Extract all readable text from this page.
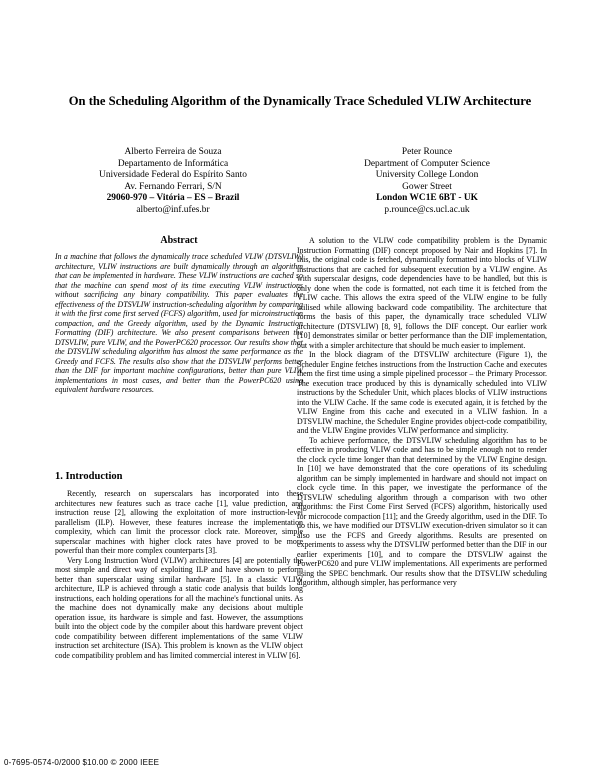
On the Scheduling Algorithm of the Dynamically Trace Scheduled VLIW Architecture
Alberto Ferreira de Souza
Departamento de Informática
Universidade Federal do Espírito Santo
Av. Fernando Ferrari, S/N
29060-970 – Vitória – ES – Brazil
alberto@inf.ufes.br
Peter Rounce
Department of Computer Science
University College London
Gower Street
London WC1E 6BT - UK
p.rounce@cs.ucl.ac.uk
Abstract
In a machine that follows the dynamically trace scheduled VLIW (DTSVLIW) architecture, VLIW instructions are built dynamically through an algorithm that can be implemented in hardware. These VLIW instructions are cached so that the machine can spend most of its time executing VLIW instructions without sacrificing any binary compatibility. This paper evaluates the effectiveness of the DTSVLIW instruction-scheduling algorithm by comparing it with the first come first served (FCFS) algorithm, used for microinstruction compaction, and the Greedy algorithm, used by the Dynamic Instruction Formatting (DIF) architecture. We also present comparisons between the DTSVLIW, pure VLIW, and the PowerPC620 processor. Our results show that the DTSVLIW scheduling algorithm has almost the same performance as the Greedy and FCFS. The results also show that the DTSVLIW performs better than the DIF for important machine configurations, better than pure VLIW implementations in most cases, and better than the PowerPC620 using equivalent hardware resources.
1. Introduction

Recently, research on superscalars has incorporated into these architectures new features such as trace cache [1], value prediction, and instruction reuse [2], allowing the exploitation of more instruction-level parallelism (ILP). However, these features increase the implementation complexity, which can limit the processor clock rate. Moreover, simple superscalar machines with higher clock rates have proved to be more powerful than their more complex counterparts [3].

Very Long Instruction Word (VLIW) architectures [4] are potentially the most simple and direct way of exploiting ILP and have shown to perform better than superscalar using similar hardware [5]. In a classic VLIW architecture, ILP is achieved through a static code analysis that builds long instructions, each holding operations for all the machine's functional units. As the machine does not dynamically make any decisions about multiple operation issue, its hardware is simple and fast. However, the assumptions built into the object code by the compiler about this hardware prevent object code compatibility between different implementations of the same VLIW instruction set architecture (ISA). This problem is known as the VLIW object code compatibility problem and has limited commercial interest in VLIW [6].

A solution to the VLIW code compatibility problem is the Dynamic Instruction Formatting (DIF) concept proposed by Nair and Hopkins [7]. In this, the original code is fetched, dynamically formatted into blocks of VLIW instructions that are cached for subsequent execution by a VLIW engine. As with superscalar designs, code dependencies have to be handled, but this is only done when the code is formatted, not each time it is fetched from the VLIW cache. This allows the extra speed of the VLIW engine to be fully utilised while allowing backward code compatibility. The architecture that forms the basis of this paper, the dynamically trace scheduled VLIW architecture (DTSVLIW) [8, 9], follows the DIF concept. Our earlier work [10] demonstrates similar or better performance than the DIF implementation, but with a simpler architecture that should be much easier to implement.

In the block diagram of the DTSVLIW architecture (Figure 1), the Scheduler Engine fetches instructions from the Instruction Cache and executes them the first time using a simple pipelined processor – the Primary Processor. The execution trace produced by this is dynamically scheduled into VLIW instructions by the Scheduler Unit, which places blocks of VLIW instructions into the VLIW Cache. If the same code is executed again, it is fetched by the VLIW Engine from this cache and executed in a VLIW fashion. In a DTSVLIW machine, the Scheduler Engine provides object-code compatibility, and the VLIW Engine provides VLIW performance and simplicity.

To achieve performance, the DTSVLIW scheduling algorithm has to be effective in producing VLIW code and has to be simple enough not to render the clock cycle time longer than that determined by the VLIW Engine design. In [10] we have demonstrated that the core operations of its scheduling algorithm can be simply implemented in hardware and should not impact on clock cycle time. In this paper, we investigate the performance of the DTSVLIW scheduling algorithm through a comparison with two other algorithms: the First Come First Served (FCFS) algorithm, historically used for microcode compaction [11]; and the Greedy algorithm, used in the DIF. To do this, we have modified our DTSVLIW execution-driven simulator so it can also use the FCFS and Greedy algorithms. Results are presented on experiments to assess why the DTSVLIW performed better than the DIF in our earlier experiments [10], and to compare the DTSVLIW against the PowerPC620 and pure VLIW implementations. All experiments are performed using the SPEC benchmark. Our results show that the DTSVLIW scheduling algorithm, although simpler, has performance very

0-7695-0574-0/2000 $10.00 © 2000 IEEE
